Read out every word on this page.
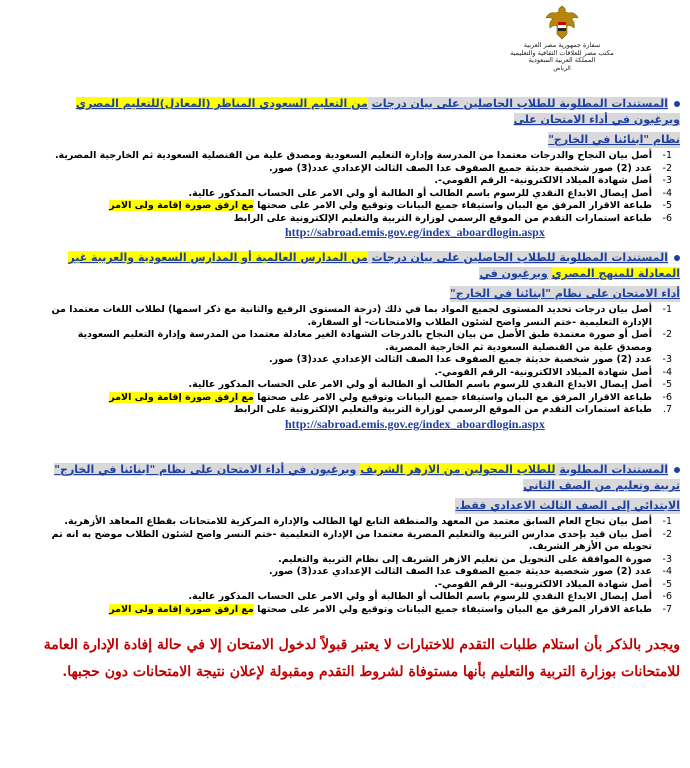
سفارة جمهورية مصر العربية
مكتب مصر للعلاقات الثقافية والتعليمية
المملكة العربية السعودية
الرياض
المستندات المطلوبة للطلاب الحاصلين على بيان درجات من التعليم السعودي المناظر (المعادل)للتعليم المصري ويرغبون في أداء الامتحان على
نظام "ابنائنا في الخارج"
1-
أصل بيان النجاح والدرجات معتمدا من المدرسة وإدارة التعليم السعودية ومصدق علية من القنصلية السعودية ثم الخارجية المصرية.
2-
عدد (2) صور شخصية حديثة جميع الصفوف عدا الصف الثالث الإعدادي عدد(3) صور.
3-
أصل شهادة الميلاد الالكترونية- الرقم القومي-.
4-
أصل إيصال الايداع النقدي للرسوم باسم الطالب أو الطالبة أو ولي الامر على الحساب المذكور عالية.
5-
طباعة الاقرار المرفق مع البيان واستيفاء جميع البيانات وتوقيع ولي الامر على صحتها مع ارفق صورة إقامة ولى الامر
6-
طباعة استمارات التقدم من الموقع الرسمي لوزارة التربية والتعليم الإلكترونية على الرابط
http://sabroad.emis.gov.eg/index_aboardlogin.aspx
المستندات المطلوبة للطلاب الحاصلين على بيان درجات من المدارس العالمية أو المدارس السعودية والعربية غير المعادلة للمنهج المصري ويرغبون في
أداء الامتحان على نظام "ابنائنا في الخارج"
1-
أصل بيان درجات تحديد المستوى لجميع المواد بما في ذلك (درجة المستوى الرفيع والثانية مع ذكر اسمها) لطلاب اللغات معتمدا من الإدارة التعليمية -ختم النسر واضح لشئون الطلاب والامتحانات- أو السفارة.
2-
أصل أو صورة معتمدة طبق الأصل من بيان النجاح بالدرجات الشهادة الغير معادلة معتمدا من المدرسة وإدارة التعليم السعودية ومصدق علية من القنصلية السعودية ثم الخارجية المصرية.
3-
عدد (2) صور شخصية حديثة جميع الصفوف عدا الصف الثالث الإعدادي عدد(3) صور.
4-
أصل شهادة الميلاد الالكترونية- الرقم القومي-.
5-
أصل إيصال الايداع النقدي للرسوم باسم الطالب أو الطالبة أو ولي الامر على الحساب المذكور عالية.
6-
طباعة الاقرار المرفق مع البيان واستيفاء جميع البيانات وتوقيع ولي الامر على صحتها مع ارفق صورة إقامة ولى الامر
7.
طباعة استمارات التقدم من الموقع الرسمي لوزارة التربية والتعليم الإلكترونية على الرابط
http://sabroad.emis.gov.eg/index_aboardlogin.aspx
المستندات المطلوبة للطلاب المحولين من الازهر الشريف ويرغبون في أداء الامتحان على نظام "ابنائنا في الخارج" تربية وتعليم من الصف الثاني
الابتدائي إلى الصف الثالث الاعدادي فقط.
1-
أصل بيان نجاح العام السابق معتمد من المعهد والمنطقة التابع لها الطالب والإدارة المركزية للامتحانات بقطاع المعاهد الأزهرية.
2-
أصل بيان قيد بإحدى مدارس التربية والتعليم المصرية معتمدا من الإدارة التعليمية -ختم النسر واضح لشئون الطلاب موضح به انه تم تحويله من الأزهر الشريف.
3-
صورة الموافقة على التحويل من تعليم الازهر الشريف إلى نظام التربية والتعليم.
4-
عدد (2) صور شخصية حديثة جميع الصفوف عدا الصف الثالث الإعدادي عدد(3) صور.
5-
أصل شهادة الميلاد الالكترونية- الرقم القومي-.
6-
أصل إيصال الايداع النقدي للرسوم باسم الطالب أو الطالبة أو ولي الامر على الحساب المذكور عالية.
7-
طباعة الاقرار المرفق مع البيان واستيفاء جميع البيانات وتوقيع ولي الامر على صحتها مع ارفق صورة إقامة ولى الامر
ويجدر بالذكر بأن استلام طلبات التقدم للاختبارات لا يعتبر قبولاً لدخول الامتحان إلا في حالة إفادة الإدارة العامة للامتحانات بوزارة التربية والتعليم بأنها مستوفاة لشروط التقدم ومقبولة لإعلان نتيجة الامتحانات دون حجبها.
